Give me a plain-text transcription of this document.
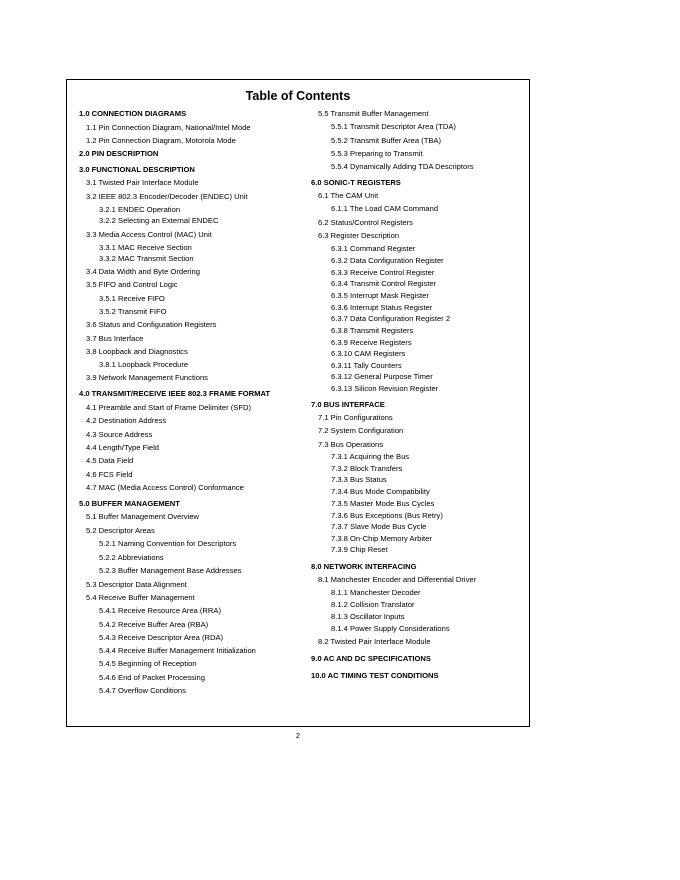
Table of Contents
1.0 CONNECTION DIAGRAMS
1.1 Pin Connection Diagram, National/Intel Mode
1.2 Pin Connection Diagram, Motorola Mode
2.0 PIN DESCRIPTION
3.0 FUNCTIONAL DESCRIPTION
3.1 Twisted Pair Interface Module
3.2 IEEE 802.3 Encoder/Decoder (ENDEC) Unit
3.2.1 ENDEC Operation
3.2.2 Selecting an External ENDEC
3.3 Media Access Control (MAC) Unit
3.3.1 MAC Receive Section
3.3.2 MAC Transmit Section
3.4 Data Width and Byte Ordering
3.5 FIFO and Control Logic
3.5.1 Receive FIFO
3.5.2 Transmit FIFO
3.6 Status and Configuration Registers
3.7 Bus Interface
3.8 Loopback and Diagnostics
3.8.1 Loopback Procedure
3.9 Network Management Functions
4.0 TRANSMIT/RECEIVE IEEE 802.3 FRAME FORMAT
4.1 Preamble and Start of Frame Delimiter (SFD)
4.2 Destination Address
4.3 Source Address
4.4 Length/Type Field
4.5 Data Field
4.6 FCS Field
4.7 MAC (Media Access Control) Conformance
5.0 BUFFER MANAGEMENT
5.1 Buffer Management Overview
5.2 Descriptor Areas
5.2.1 Naming Convention for Descriptors
5.2.2 Abbreviations
5.2.3 Buffer Management Base Addresses
5.3 Descriptor Data Alignment
5.4 Receive Buffer Management
5.4.1 Receive Resource Area (RRA)
5.4.2 Receive Buffer Area (RBA)
5.4.3 Receive Descriptor Area (RDA)
5.4.4 Receive Buffer Management Initialization
5.4.5 Beginning of Reception
5.4.6 End of Packet Processing
5.4.7 Overflow Conditions
5.5 Transmit Buffer Management
5.5.1 Transmit Descriptor Area (TDA)
5.5.2 Transmit Buffer Area (TBA)
5.5.3 Preparing to Transmit
5.5.4 Dynamically Adding TDA Descriptors
6.0 SONIC-T REGISTERS
6.1 The CAM Unit
6.1.1 The Load CAM Command
6.2 Status/Control Registers
6.3 Register Description
6.3.1 Command Register
6.3.2 Data Configuration Register
6.3.3 Receive Control Register
6.3.4 Transmit Control Register
6.3.5 Interrupt Mask Register
6.3.6 Interrupt Status Register
6.3.7 Data Configuration Register 2
6.3.8 Transmit Registers
6.3.9 Receive Registers
6.3.10 CAM Registers
6.3.11 Tally Counters
6.3.12 General Purpose Timer
6.3.13 Silicon Revision Register
7.0 BUS INTERFACE
7.1 Pin Configurations
7.2 System Configuration
7.3 Bus Operations
7.3.1 Acquiring the Bus
7.3.2 Block Transfers
7.3.3 Bus Status
7.3.4 Bus Mode Compatibility
7.3.5 Master Mode Bus Cycles
7.3.6 Bus Exceptions (Bus Retry)
7.3.7 Slave Mode Bus Cycle
7.3.8 On-Chip Memory Arbiter
7.3.9 Chip Reset
8.0 NETWORK INTERFACING
8.1 Manchester Encoder and Differential Driver
8.1.1 Manchester Decoder
8.1.2 Collision Translator
8.1.3 Oscillator Inputs
8.1.4 Power Supply Considerations
8.2 Twisted Pair Interface Module
9.0 AC AND DC SPECIFICATIONS
10.0 AC TIMING TEST CONDITIONS
2
